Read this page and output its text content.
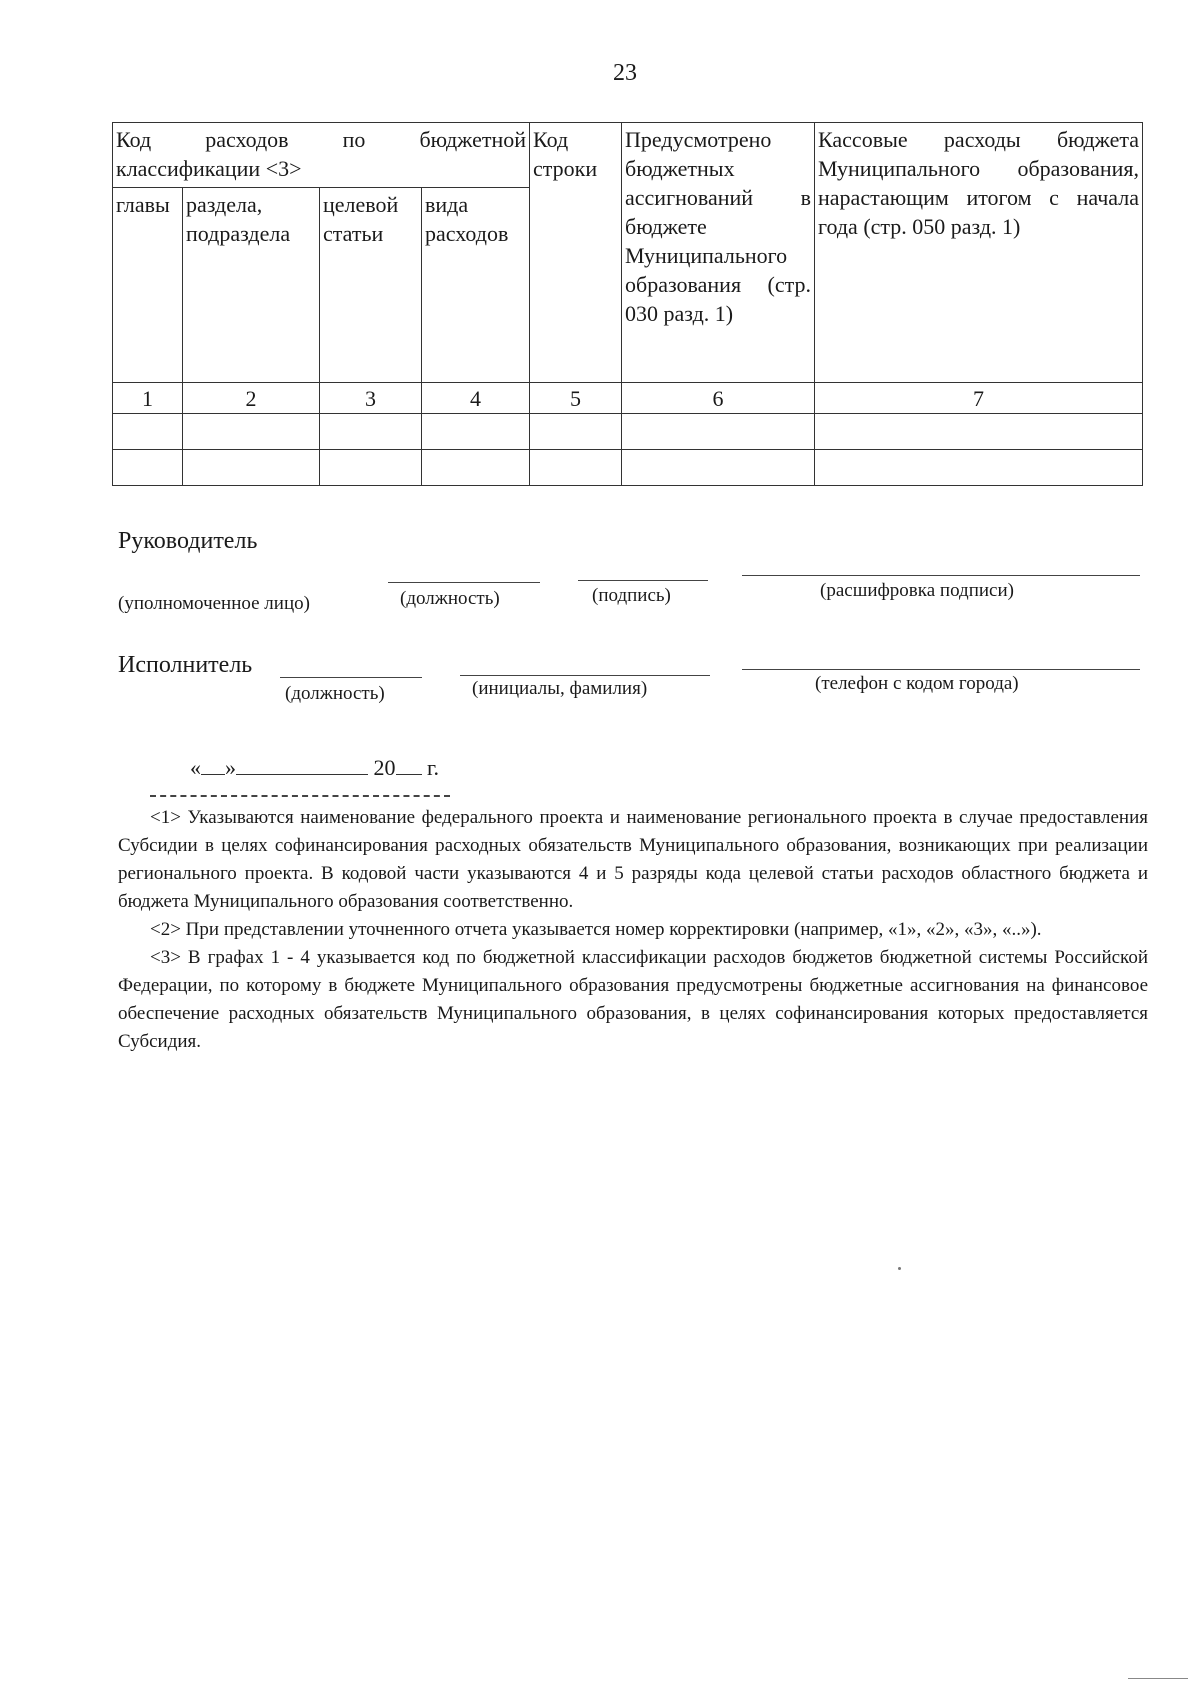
23
Код расходов по бюджетной классификации <3>				Код строки	Предусмотрено бюджетных ассигнований в бюджете Муниципального образования (стр. 030 разд. 1)	Кассовые расходы бюджета Муниципального образования, нарастающим итогом с начала года (стр. 050 разд. 1)
главы	раздела, подраздела	целевой статьи	вида расходов			
1	2	3	4	5	6	7

Руководитель
(уполномоченное лицо)	(должность)	(подпись)	(расшифровка подписи)
Исполнитель
(должность)	(инициалы, фамилия)	(телефон с кодом города)
« »	20 г.

<1> Указываются наименование федерального проекта и наименование регионального проекта в случае предоставления Субсидии в целях софинансирования расходных обязательств Муниципального образования, возникающих при реализации регионального проекта. В кодовой части указываются 4 и 5 разряды кода целевой статьи расходов областного бюджета и бюджета Муниципального образования соответственно.

<2> При представлении уточненного отчета указывается номер корректировки (например, «1», «2», «3», «..»).

<3> В графах 1 - 4 указывается код по бюджетной классификации расходов бюджетов бюджетной системы Российской Федерации, по которому в бюджете Муниципального образования предусмотрены бюджетные ассигнования на финансовое обеспечение расходных обязательств Муниципального образования, в целях софинансирования которых предоставляется Субсидия.
